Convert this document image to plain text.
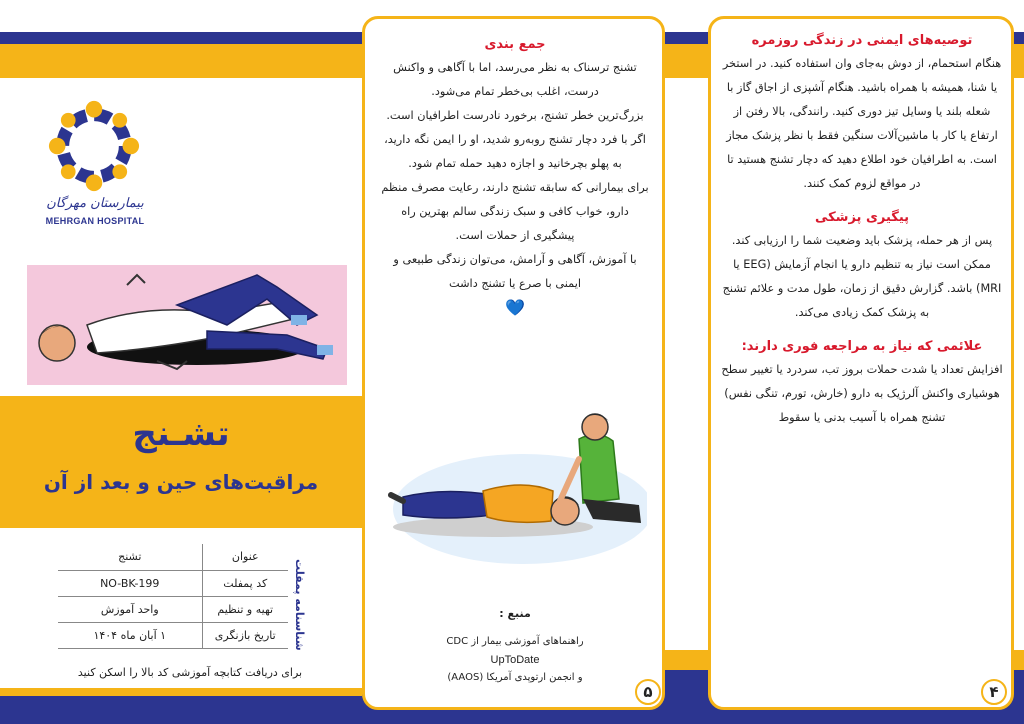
بیمارستان مهرگان
MEHRGAN HOSPITAL
تشـنج
مراقبت‌های حین و بعد از آن
عنوان	تشنج
کد پمفلت	NO-BK-199
تهیه و تنظیم	واحد آموزش
تاریخ بازنگری	۱ آبان ماه ۱۴۰۴	شناسنامه پمفلت
برای دریافت کتابچه آموزشی کد بالا را اسکن کنید
جمع‌ بندی
تشنج ترسناک به نظر می‌رسد، اما با آگاهی و واکنش درست، اغلب بی‌خطر تمام می‌شود.
بزرگ‌ترین خطر تشنج، برخورد نادرست اطرافیان است.
اگر با فرد دچار تشنج روبه‌رو شدید، او را ایمن نگه دارید، به پهلو بچرخانید و اجازه دهید حمله تمام شود.
برای بیمارانی که سابقه تشنج دارند، رعایت مصرف منظم دارو، خواب کافی و سبک زندگی سالم بهترین راه پیشگیری از حملات است.
با آموزش، آگاهی و آرامش، می‌توان زندگی طبیعی و ایمنی با صرع یا تشنج داشت
💙
منبع :
راهنماهای آموزشی بیمار از CDC
UpToDate
و انجمن ارتوپدی آمریکا (AAOS)
۵
توصیه‌های ایمنی در زندگی روزمره
هنگام استحمام، از دوش به‌جای وان استفاده کنید. در استخر یا شنا، همیشه با همراه باشید. هنگام آشپزی از اجاق گاز با شعله بلند یا وسایل تیز دوری کنید. رانندگی، بالا رفتن از ارتفاع یا کار با ماشین‌آلات سنگین فقط با نظر پزشک مجاز است. به اطرافیان خود اطلاع دهید که دچار تشنج هستید تا در مواقع لزوم کمک کنند.
پیگیری پزشکی
پس از هر حمله، پزشک باید وضعیت شما را ارزیابی کند. ممکن است نیاز به تنظیم دارو یا انجام آزمایش (EEG یا MRI) باشد. گزارش دقیق از زمان، طول مدت و علائم تشنج به پزشک کمک زیادی می‌کند.
علائمی که نیاز به مراجعه فوری دارند:
افزایش تعداد یا شدت حملات بروز تب، سردرد یا تغییر سطح هوشیاری واکنش آلرژیک به دارو (خارش، تورم، تنگی نفس) تشنج همراه با آسیب بدنی یا سقوط
۴
